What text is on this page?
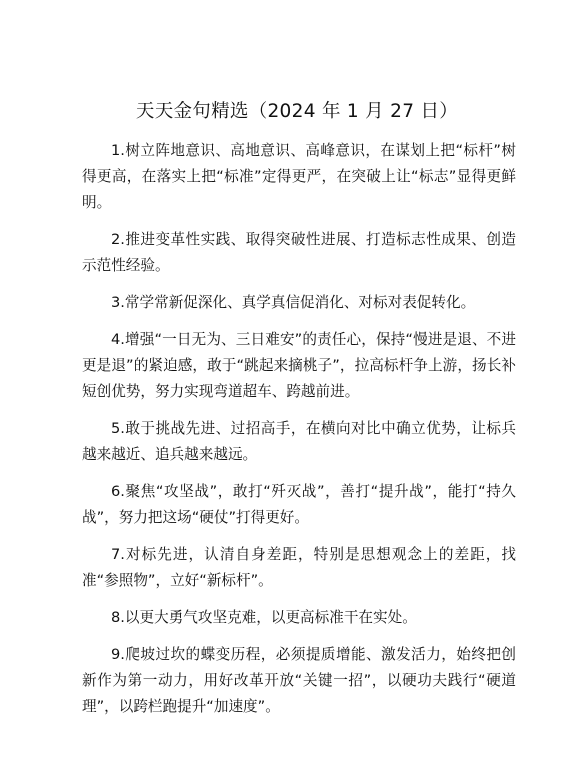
天天金句精选（2024 年 1 月 27 日）

1.树立阵地意识、高地意识、高峰意识，在谋划上把“标杆”树得更高，在落实上把“标准”定得更严，在突破上让“标志”显得更鲜明。

2.推进变革性实践、取得突破性进展、打造标志性成果、创造示范性经验。

3.常学常新促深化、真学真信促消化、对标对表促转化。

4.增强“一日无为、三日难安”的责任心，保持“慢进是退、不进更是退”的紧迫感，敢于“跳起来摘桃子”，拉高标杆争上游，扬长补短创优势，努力实现弯道超车、跨越前进。

5.敢于挑战先进、过招高手，在横向对比中确立优势，让标兵越来越近、追兵越来越远。

6.聚焦“攻坚战”，敢打“歼灭战”，善打“提升战”，能打“持久战”，努力把这场“硬仗”打得更好。

7.对标先进，认清自身差距，特别是思想观念上的差距，找准“参照物”，立好“新标杆”。

8.以更大勇气攻坚克难，以更高标准干在实处。

9.爬坡过坎的蝶变历程，必须提质增能、激发活力，始终把创新作为第一动力，用好改革开放“关键一招”，以硬功夫践行“硬道理”，以跨栏跑提升“加速度”。
